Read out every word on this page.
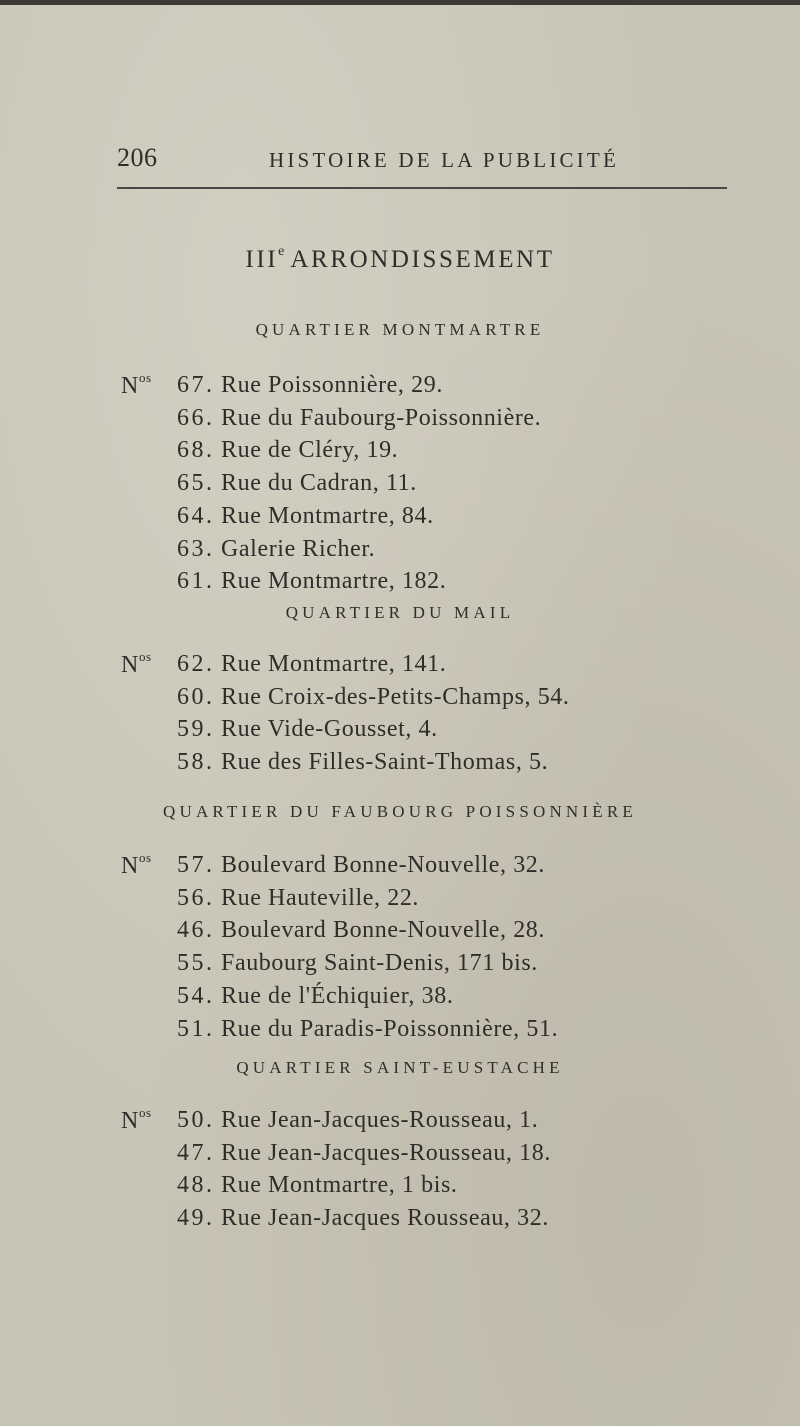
206	HISTOIRE DE LA PUBLICITÉ
IIIe ARRONDISSEMENT
QUARTIER MONTMARTRE
$N^{os}$ 67. Rue Poissonnière, 29.
66. Rue du Faubourg-Poissonnière.
68. Rue de Cléry, 19.
65. Rue du Cadran, 11.
64. Rue Montmartre, 84.
63. Galerie Richer.
61. Rue Montmartre, 182.
QUARTIER DU MAIL
$N^{os}$ 62. Rue Montmartre, 141.
60. Rue Croix-des-Petits-Champs, 54.
59. Rue Vide-Gousset, 4.
58. Rue des Filles-Saint-Thomas, 5.
QUARTIER DU FAUBOURG POISSONNIÈRE
$N^{os}$ 57. Boulevard Bonne-Nouvelle, 32.
56. Rue Hauteville, 22.
46. Boulevard Bonne-Nouvelle, 28.
55. Faubourg Saint-Denis, 171 bis.
54. Rue de l'Échiquier, 38.
51. Rue du Paradis-Poissonnière, 51.
QUARTIER SAINT-EUSTACHE
$N^{os}$ 50. Rue Jean-Jacques-Rousseau, 1.
47. Rue Jean-Jacques-Rousseau, 18.
48. Rue Montmartre, 1 bis.
49. Rue Jean-Jacques Rousseau, 32.
